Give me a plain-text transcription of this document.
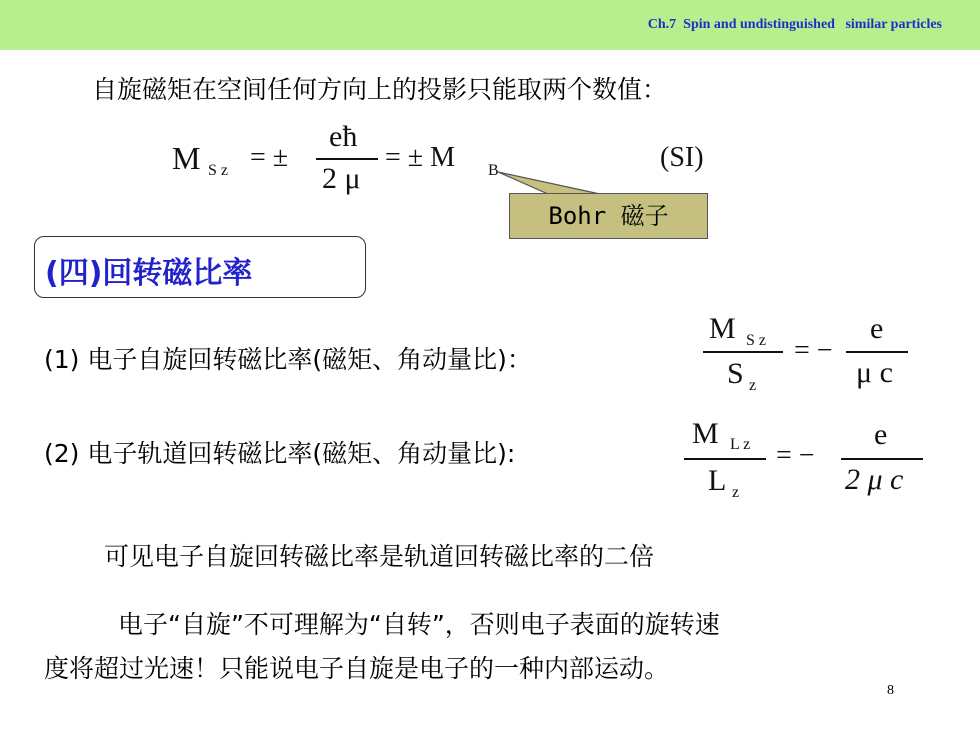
Ch.7  Spin and undistinguished   similar particles
自旋磁矩在空间任何方向上的投影只能取两个数值：
M S z = ±
eħ
2 μ
= ± M B	(SI)
Bohr 磁子
(四)回转磁比率
(1) 电子自旋回转磁比率(磁矩、角动量比)：
M S z
S z
= −
e
μ c
(2) 电子轨道回转磁比率(磁矩、角动量比):
M L z
L z
= −
e
2 μ c
可见电子自旋回转磁比率是轨道回转磁比率的二倍
电子“自旋”不可理解为“自转”，否则电子表面的旋转速
度将超过光速！只能说电子自旋是电子的一种内部运动。
8
